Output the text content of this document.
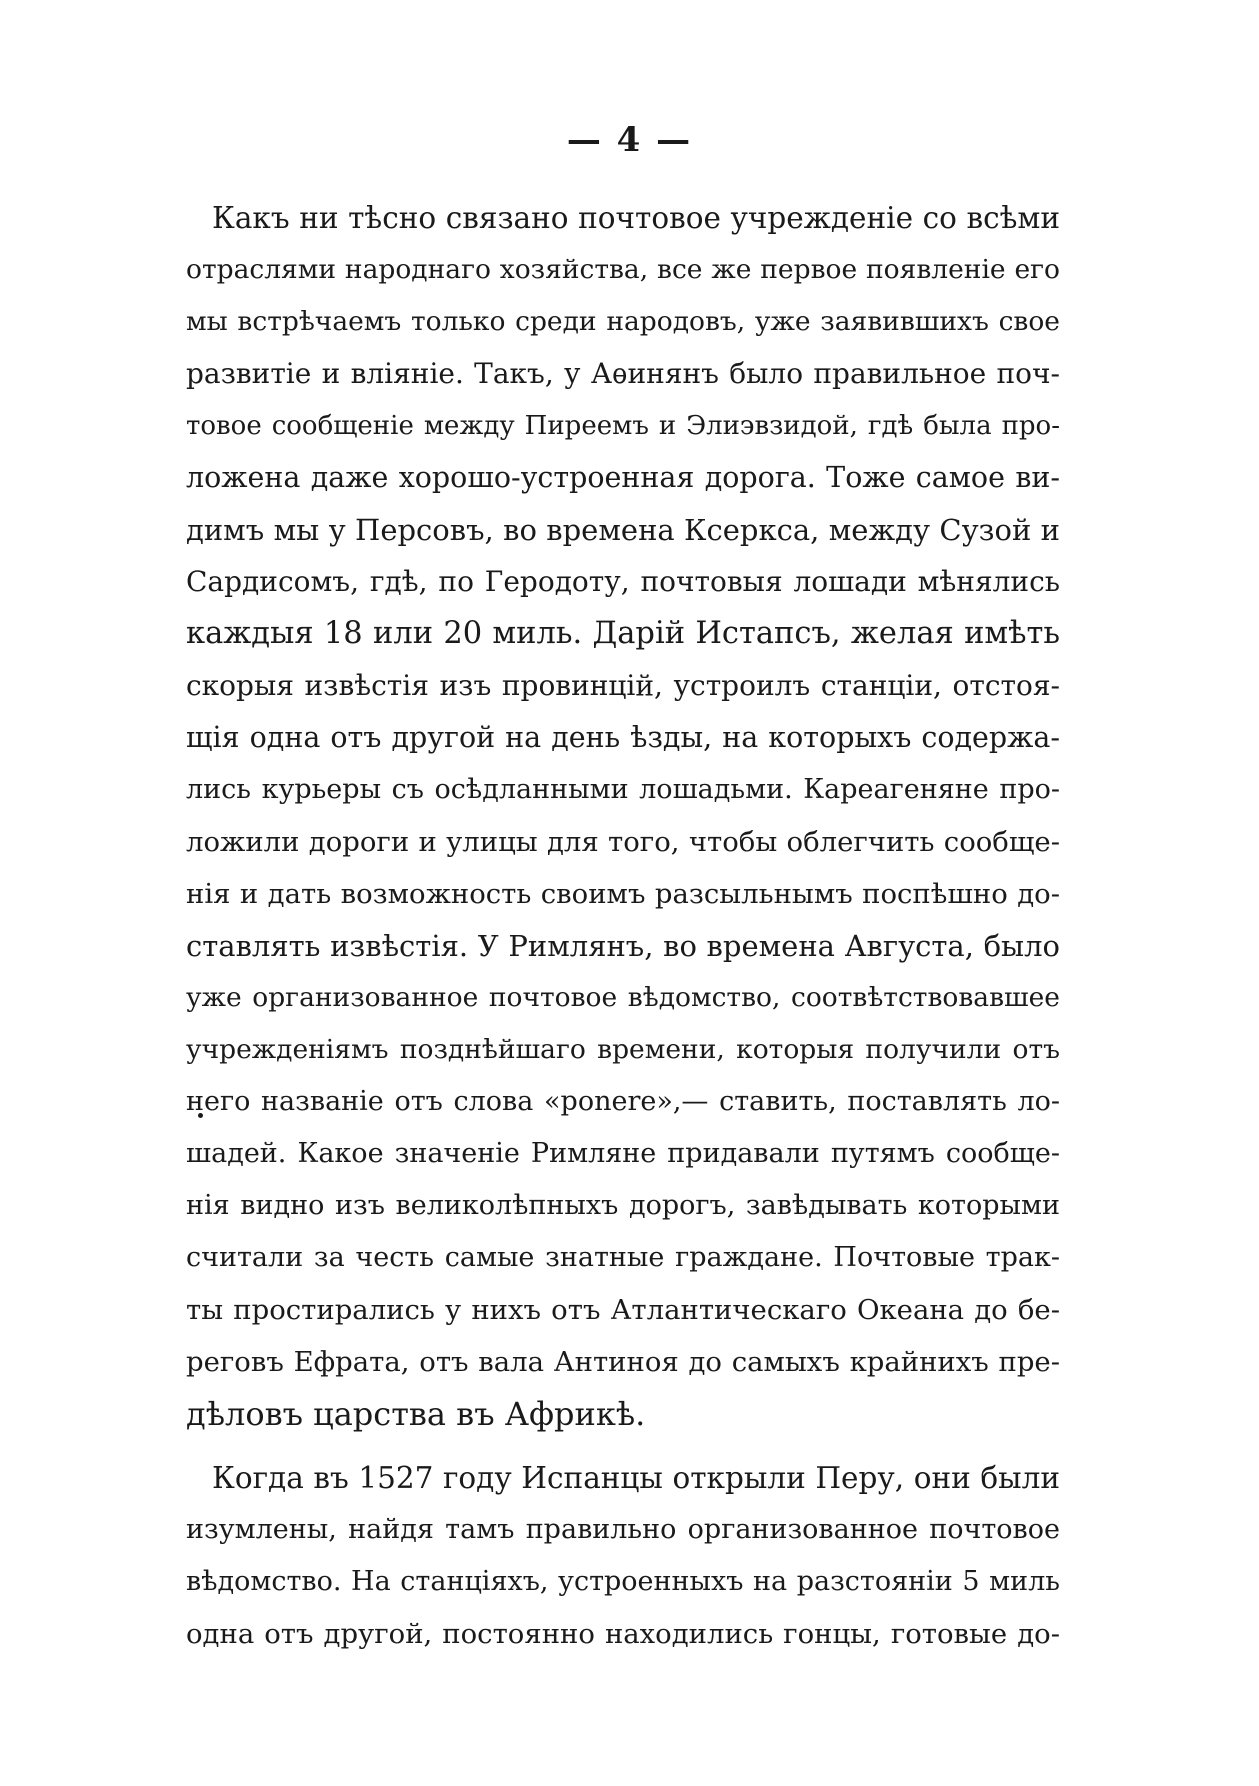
— 4 —
Какъ ни тѣсно связано почтовое учрежденіе со всѣми
отраслями народнаго хозяйства, все же первое появленіе его
мы встрѣчаемъ только среди народовъ, уже заявившихъ свое
развитіе и вліяніе. Такъ, у Аѳинянъ было правильное поч-
товое сообщеніе между Пиреемъ и Элиэвзидой, гдѣ была про-
ложена даже хорошо-устроенная дорога. Тоже самое ви-
димъ мы у Персовъ, во времена Ксеркса, между Сузой и
Сардисомъ, гдѣ, по Геродоту, почтовыя лошади мѣнялись
каждыя 18 или 20 миль. Дарій Истапсъ, желая имѣть
скорыя извѣстія изъ провинцій, устроилъ станціи, отстоя-
щія одна отъ другой на день ѣзды, на которыхъ содержа-
лись курьеры съ осѣдланными лошадьми. Кареагеняне про-
ложили дороги и улицы для того, чтобы облегчить сообще-
нія и дать возможность своимъ разсыльнымъ поспѣшно до-
ставлять извѣстія. У Римлянъ, во времена Августа, было
уже организованное почтовое вѣдомство, соотвѣтствовавшее
учрежденіямъ позднѣйшаго времени, которыя получили отъ
него названіе отъ слова «ponere»,— ставить, поставлять ло-
шадей. Какое значеніе Римляне придавали путямъ сообще-
нія видно изъ великолѣпныхъ дорогъ, завѣдывать которыми
считали за честь самые знатные граждане. Почтовые трак-
ты простирались у нихъ отъ Атлантическаго Океана до бе-
реговъ Ефрата, отъ вала Антиноя до самыхъ крайнихъ пре-
дѣловъ царства въ Африкѣ.
Когда въ 1527 году Испанцы открыли Перу, они были
изумлены, найдя тамъ правильно организованное почтовое
вѣдомство. На станціяхъ, устроенныхъ на разстояніи 5 миль
одна отъ другой, постоянно находились гонцы, готовые до-
